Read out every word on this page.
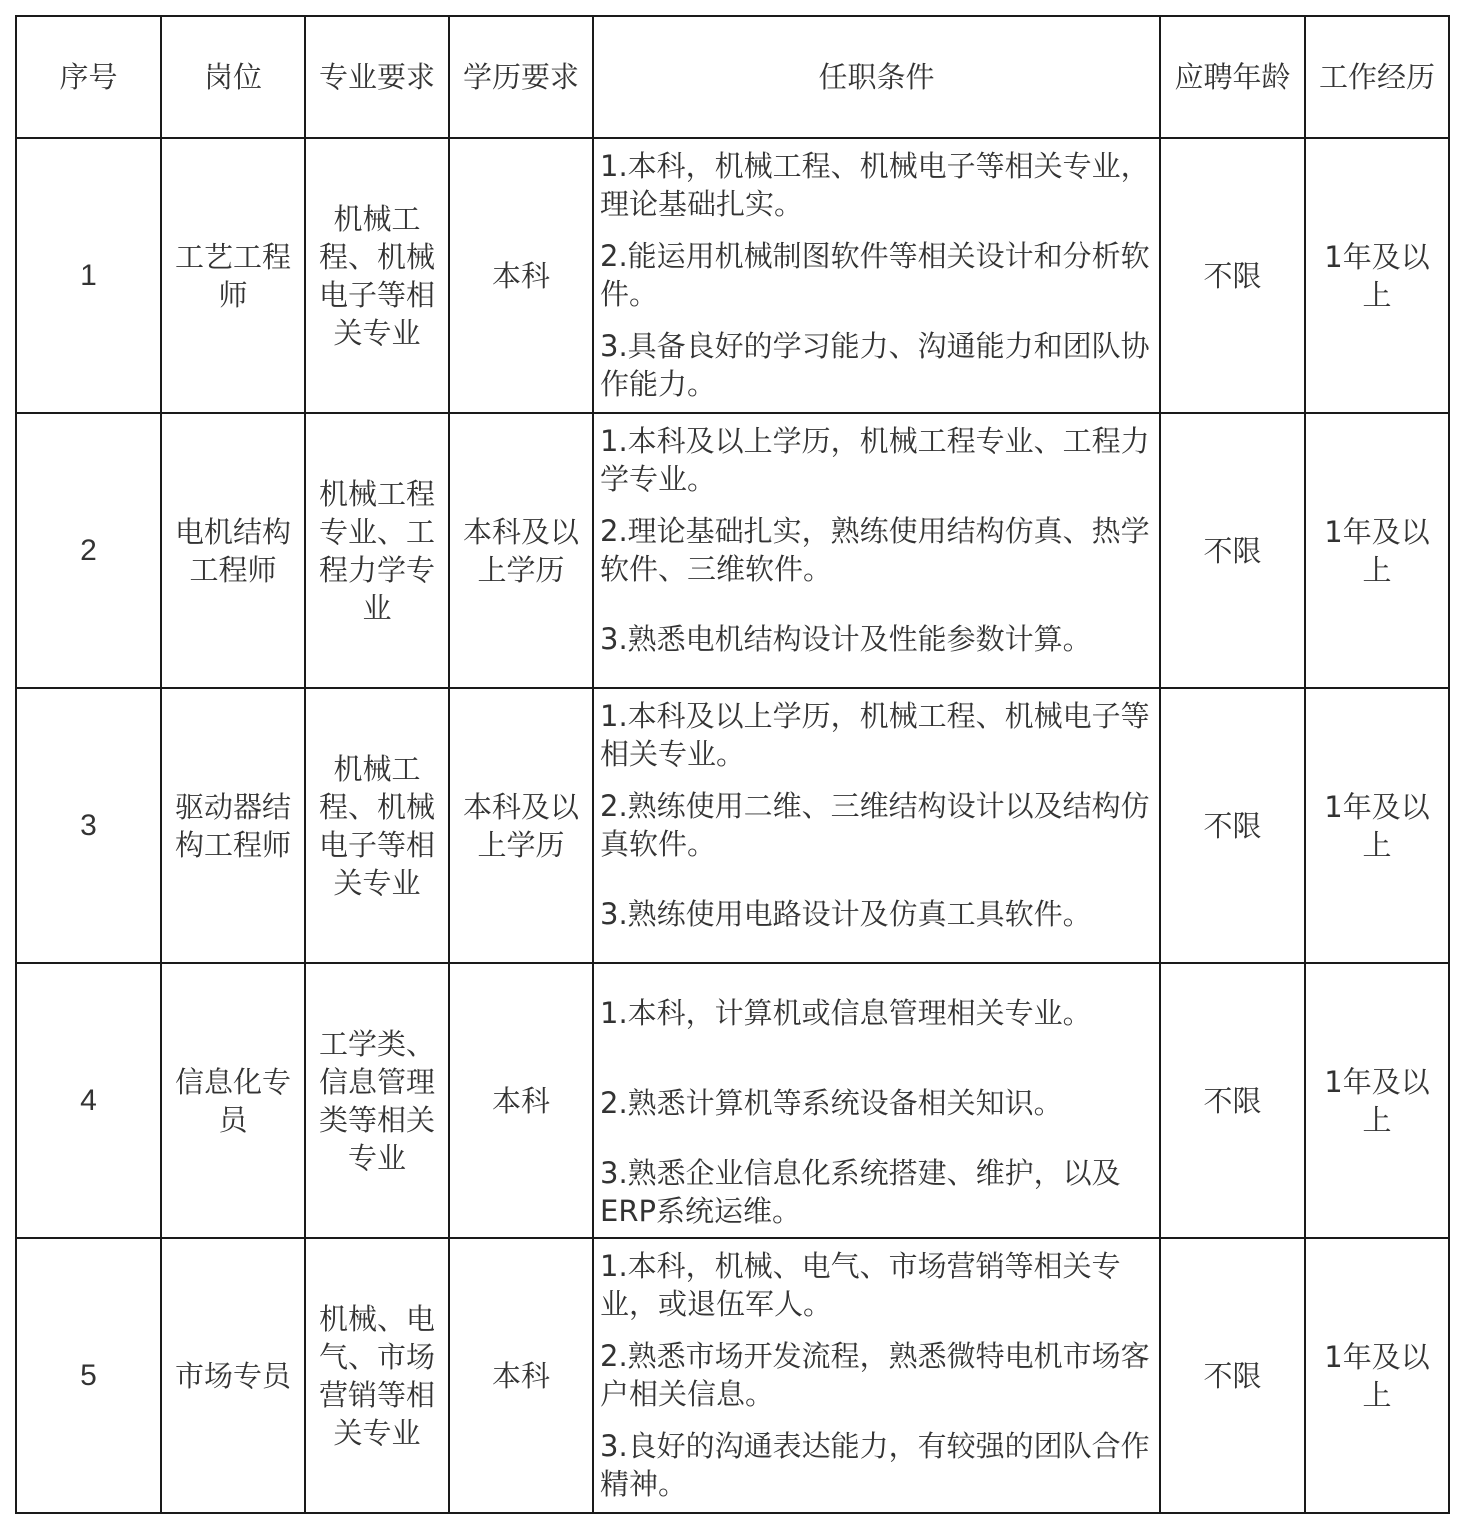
序号	岗位	专业要求	学历要求	任职条件	应聘年龄	工作经历
1	工艺工程师	机械工程、机械电子等相关专业	本科	1.本科，机械工程、机械电子等相关专业，理论基础扎实。

2.能运用机械制图软件等相关设计和分析软件。

3.具备良好的学习能力、沟通能力和团队协作能力。	不限	1年及以上

2	电机结构工程师	机械工程专业、工程力学专业	本科及以上学历	1.本科及以上学历，机械工程专业、工程力学专业。

2.理论基础扎实，熟练使用结构仿真、热学软件、三维软件。

3.熟悉电机结构设计及性能参数计算。	不限	1年及以上

3	驱动器结构工程师	机械工程、机械电子等相关专业	本科及以上学历	1.本科及以上学历，机械工程、机械电子等相关专业。

2.熟练使用二维、三维结构设计以及结构仿真软件。

3.熟练使用电路设计及仿真工具软件。	不限	1年及以上

4	信息化专员	工学类、信息管理类等相关专业	本科	1.本科，计算机或信息管理相关专业。

2.熟悉计算机等系统设备相关知识。

3.熟悉企业信息化系统搭建、维护，以及ERP系统运维。	不限	1年及以上

5	市场专员	机械、电气、市场营销等相关专业	本科	1.本科，机械、电气、市场营销等相关专业，或退伍军人。

2.熟悉市场开发流程，熟悉微特电机市场客户相关信息。

3.良好的沟通表达能力，有较强的团队合作精神。	不限	1年及以上
